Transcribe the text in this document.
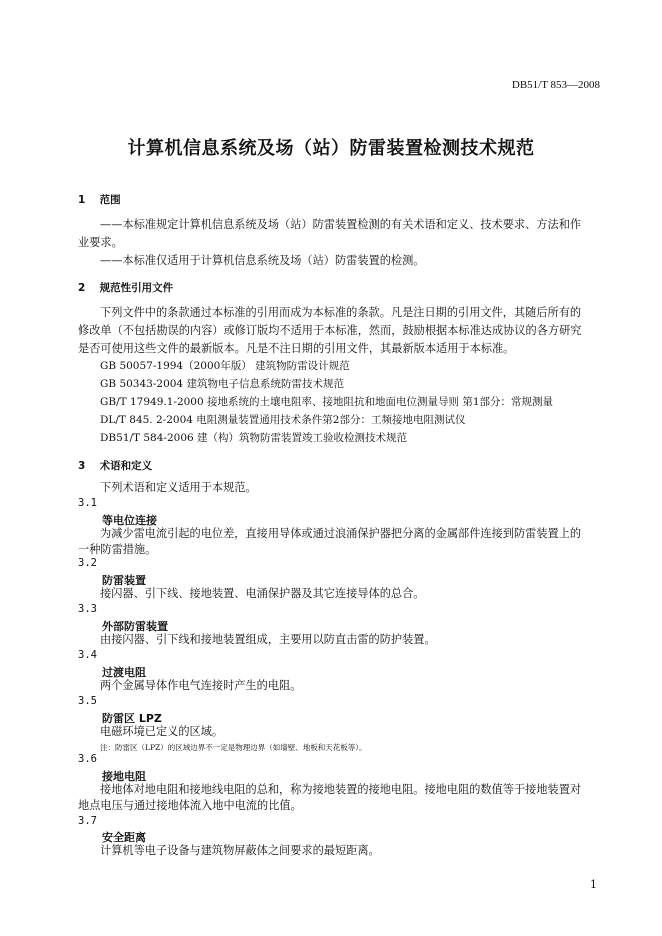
DB51/T 853—2008
计算机信息系统及场（站）防雷装置检测技术规范
1 范围
——本标准规定计算机信息系统及场（站）防雷装置检测的有关术语和定义、技术要求、方法和作
业要求。
——本标准仅适用于计算机信息系统及场（站）防雷装置的检测。
2 规范性引用文件
下列文件中的条款通过本标准的引用而成为本标准的条款。凡是注日期的引用文件，其随后所有的
修改单（不包括勘误的内容）或修订版均不适用于本标准，然而，鼓励根据本标准达成协议的各方研究
是否可使用这些文件的最新版本。凡是不注日期的引用文件，其最新版本适用于本标准。
GB 50057-1994（2000年版） 建筑物防雷设计规范
GB 50343-2004 建筑物电子信息系统防雷技术规范
GB/T 17949.1-2000 接地系统的土壤电阻率、接地阻抗和地面电位测量导则 第1部分：常规测量
DL/T 845. 2-2004 电阻测量装置通用技术条件第2部分：工频接地电阻测试仪
DB51/T 584-2006 建（构）筑物防雷装置竣工验收检测技术规范
3 术语和定义
下列术语和定义适用于本规范。
3.1
等电位连接
为减少雷电流引起的电位差，直接用导体或通过浪涌保护器把分离的金属部件连接到防雷装置上的
一种防雷措施。
3.2
防雷装置
接闪器、引下线、接地装置、电涌保护器及其它连接导体的总合。
3.3
外部防雷装置
由接闪器、引下线和接地装置组成，主要用以防直击雷的防护装置。
3.4
过渡电阻
两个金属导体作电气连接时产生的电阻。
3.5
防雷区 LPZ
电磁环境已定义的区域。
注：防雷区（LPZ）的区域边界不一定是物理边界（如墙壁、地板和天花板等）。
3.6
接地电阻
接地体对地电阻和接地线电阻的总和，称为接地装置的接地电阻。接地电阻的数值等于接地装置对
地点电压与通过接地体流入地中电流的比值。
3.7
安全距离
计算机等电子设备与建筑物屏蔽体之间要求的最短距离。
1
